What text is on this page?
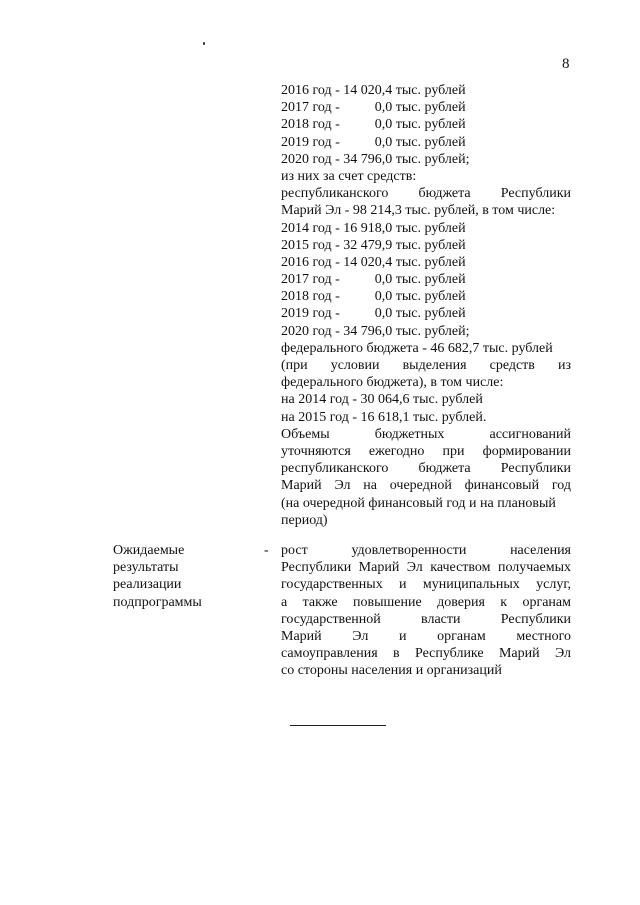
8
2016 год - 14 020,4 тыс. рублей
2017 год -          0,0 тыс. рублей
2018 год -          0,0 тыс. рублей
2019 год -          0,0 тыс. рублей
2020 год - 34 796,0 тыс. рублей;
из них за счет средств:
республиканского бюджета Республики
Марий Эл - 98 214,3 тыс. рублей, в том числе:
2014 год - 16 918,0 тыс. рублей
2015 год - 32 479,9 тыс. рублей
2016 год - 14 020,4 тыс. рублей
2017 год -          0,0 тыс. рублей
2018 год -          0,0 тыс. рублей
2019 год -          0,0 тыс. рублей
2020 год - 34 796,0 тыс. рублей;
федерального бюджета - 46 682,7 тыс. рублей
(при условии выделения средств из
федерального бюджета), в том числе:
на 2014 год - 30 064,6 тыс. рублей
на 2015 год - 16 618,1 тыс. рублей.
Объемы бюджетных ассигнований
уточняются ежегодно при формировании
республиканского бюджета Республики
Марий Эл на очередной финансовый год
(на очередной финансовый год и на плановый
период)
Ожидаемые
результаты
реализации
подпрограммы
- рост удовлетворенности населения
Республики Марий Эл качеством получаемых
государственных и муниципальных услуг,
а также повышение доверия к органам
государственной власти Республики
Марий Эл и органам местного
самоуправления в Республике Марий Эл
со стороны населения и организаций
